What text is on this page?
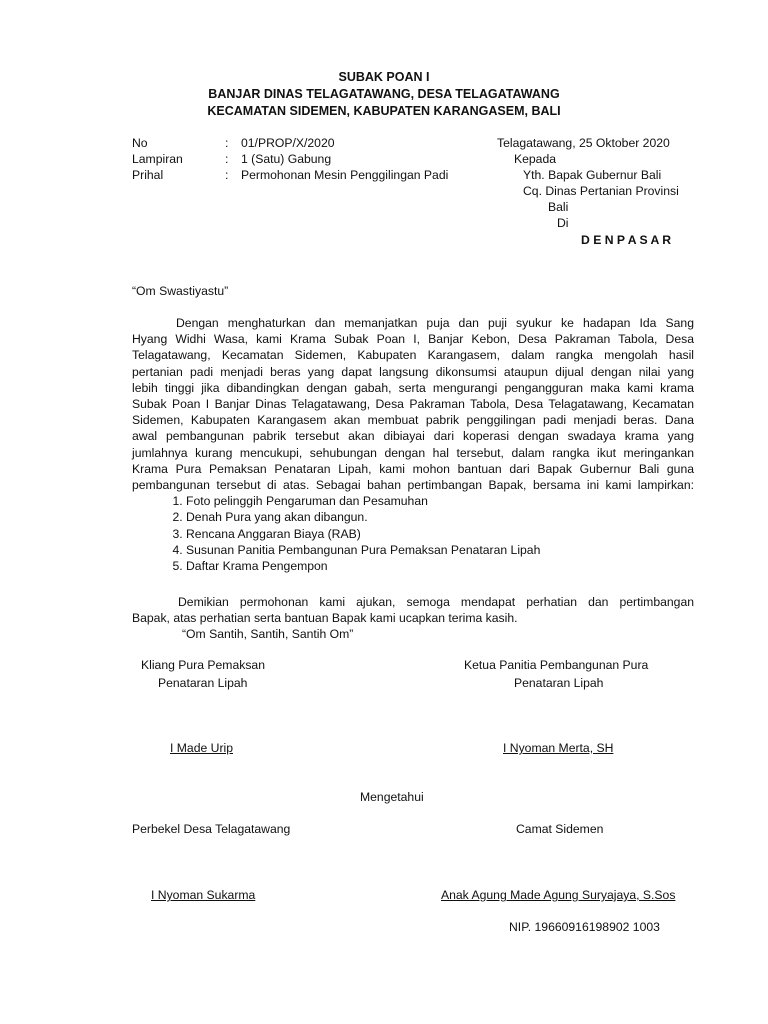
SUBAK POAN I
BANJAR DINAS TELAGATAWANG, DESA TELAGATAWANG
KECAMATAN SIDEMEN, KABUPATEN KARANGASEM, BALI
No	: 01/PROP/X/2020
Lampiran	: 1 (Satu) Gabung
Prihal	: Permohonan Mesin Penggilingan Padi
Telagatawang, 25 Oktober 2020
Kepada
Yth. Bapak Gubernur Bali
Cq. Dinas Pertanian Provinsi
Bali
Di
D E N P A S A R
“Om Swastiyastu”
Dengan menghaturkan dan memanjatkan puja dan puji syukur ke hadapan Ida Sang
Hyang Widhi Wasa, kami Krama Subak Poan I, Banjar Kebon, Desa Pakraman Tabola, Desa
Telagatawang, Kecamatan Sidemen, Kabupaten Karangasem, dalam rangka mengolah hasil
pertanian padi menjadi beras yang dapat langsung dikonsumsi ataupun dijual dengan nilai yang
lebih tinggi jika dibandingkan dengan gabah, serta mengurangi pengangguran maka kami krama
Subak Poan I Banjar Dinas Telagatawang, Desa Pakraman Tabola, Desa Telagatawang, Kecamatan
Sidemen, Kabupaten Karangasem akan membuat pabrik penggilingan padi menjadi beras. Dana
awal pembangunan pabrik tersebut akan dibiayai dari koperasi dengan swadaya krama yang
jumlahnya kurang mencukupi, sehubungan dengan hal tersebut, dalam rangka ikut meringankan
Krama Pura Pemaksan Penataran Lipah, kami mohon bantuan dari Bapak Gubernur Bali guna
pembangunan tersebut di atas. Sebagai bahan pertimbangan Bapak, bersama ini kami lampirkan:
1. Foto pelinggih Pengaruman dan Pesamuhan
2. Denah Pura yang akan dibangun.
3. Rencana Anggaran Biaya (RAB)
4. Susunan Panitia Pembangunan Pura Pemaksan Penataran Lipah
5. Daftar Krama Pengempon
Demikian permohonan kami ajukan, semoga mendapat perhatian dan pertimbangan
Bapak, atas perhatian serta bantuan Bapak kami ucapkan terima kasih.
“Om Santih, Santih, Santih Om”
Kliang Pura Pemaksan
Penataran Lipah
I Made Urip
Ketua Panitia Pembangunan Pura
Penataran Lipah
I Nyoman Merta, SH
Mengetahui
Perbekel Desa Telagatawang
I Nyoman Sukarma
Camat Sidemen
Anak Agung Made Agung Suryajaya, S.Sos
NIP. 19660916198902 1003
